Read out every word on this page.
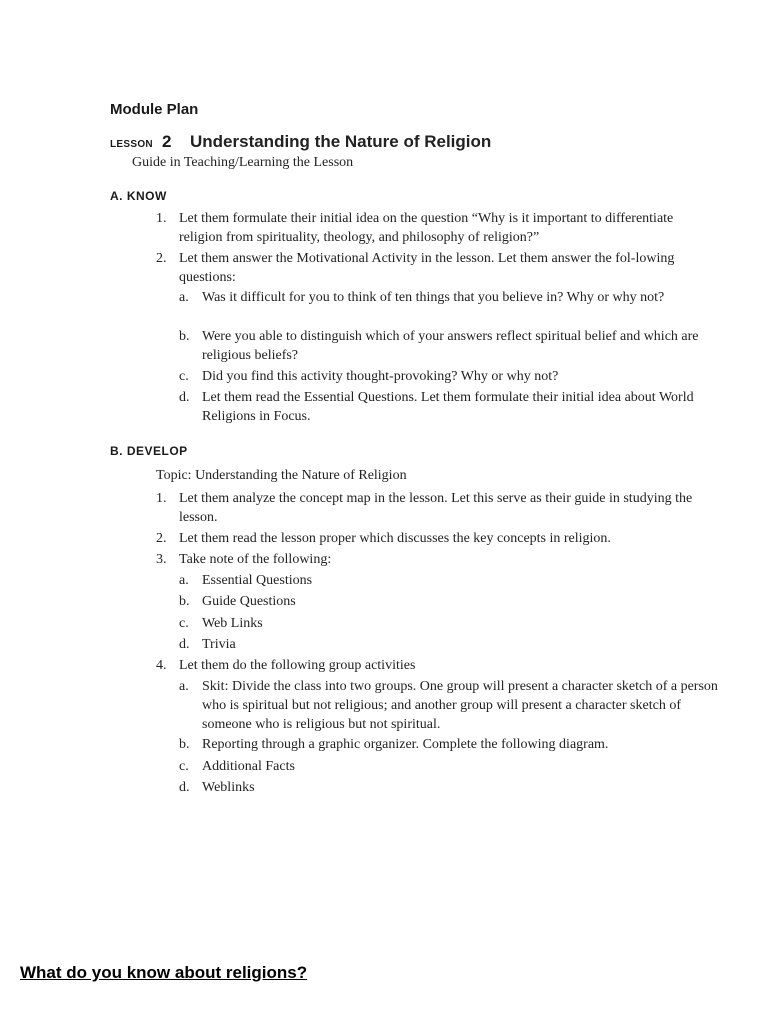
Module Plan
LESSON 2 Understanding the Nature of Religion
Guide in Teaching/Learning the Lesson
A. KNOW
1. Let them formulate their initial idea on the question “Why is it important to differentiate religion from spirituality, theology, and philosophy of religion?”
2. Let them answer the Motivational Activity in the lesson. Let them answer the fol-lowing questions:
a. Was it difficult for you to think of ten things that you believe in? Why or why not?
b. Were you able to distinguish which of your answers reflect spiritual belief and which are religious beliefs?
c. Did you find this activity thought-provoking? Why or why not?
d. Let them read the Essential Questions. Let them formulate their initial idea about World Religions in Focus.
B. DEVELOP
Topic: Understanding the Nature of Religion
1. Let them analyze the concept map in the lesson. Let this serve as their guide in studying the lesson.
2. Let them read the lesson proper which discusses the key concepts in religion.
3. Take note of the following:
a. Essential Questions
b. Guide Questions
c. Web Links
d. Trivia
4. Let them do the following group activities
a. Skit: Divide the class into two groups. One group will present a character sketch of a person who is spiritual but not religious; and another group will present a character sketch of someone who is religious but not spiritual.
b. Reporting through a graphic organizer. Complete the following diagram.
c. Additional Facts
d. Weblinks
What do you know about religions?
